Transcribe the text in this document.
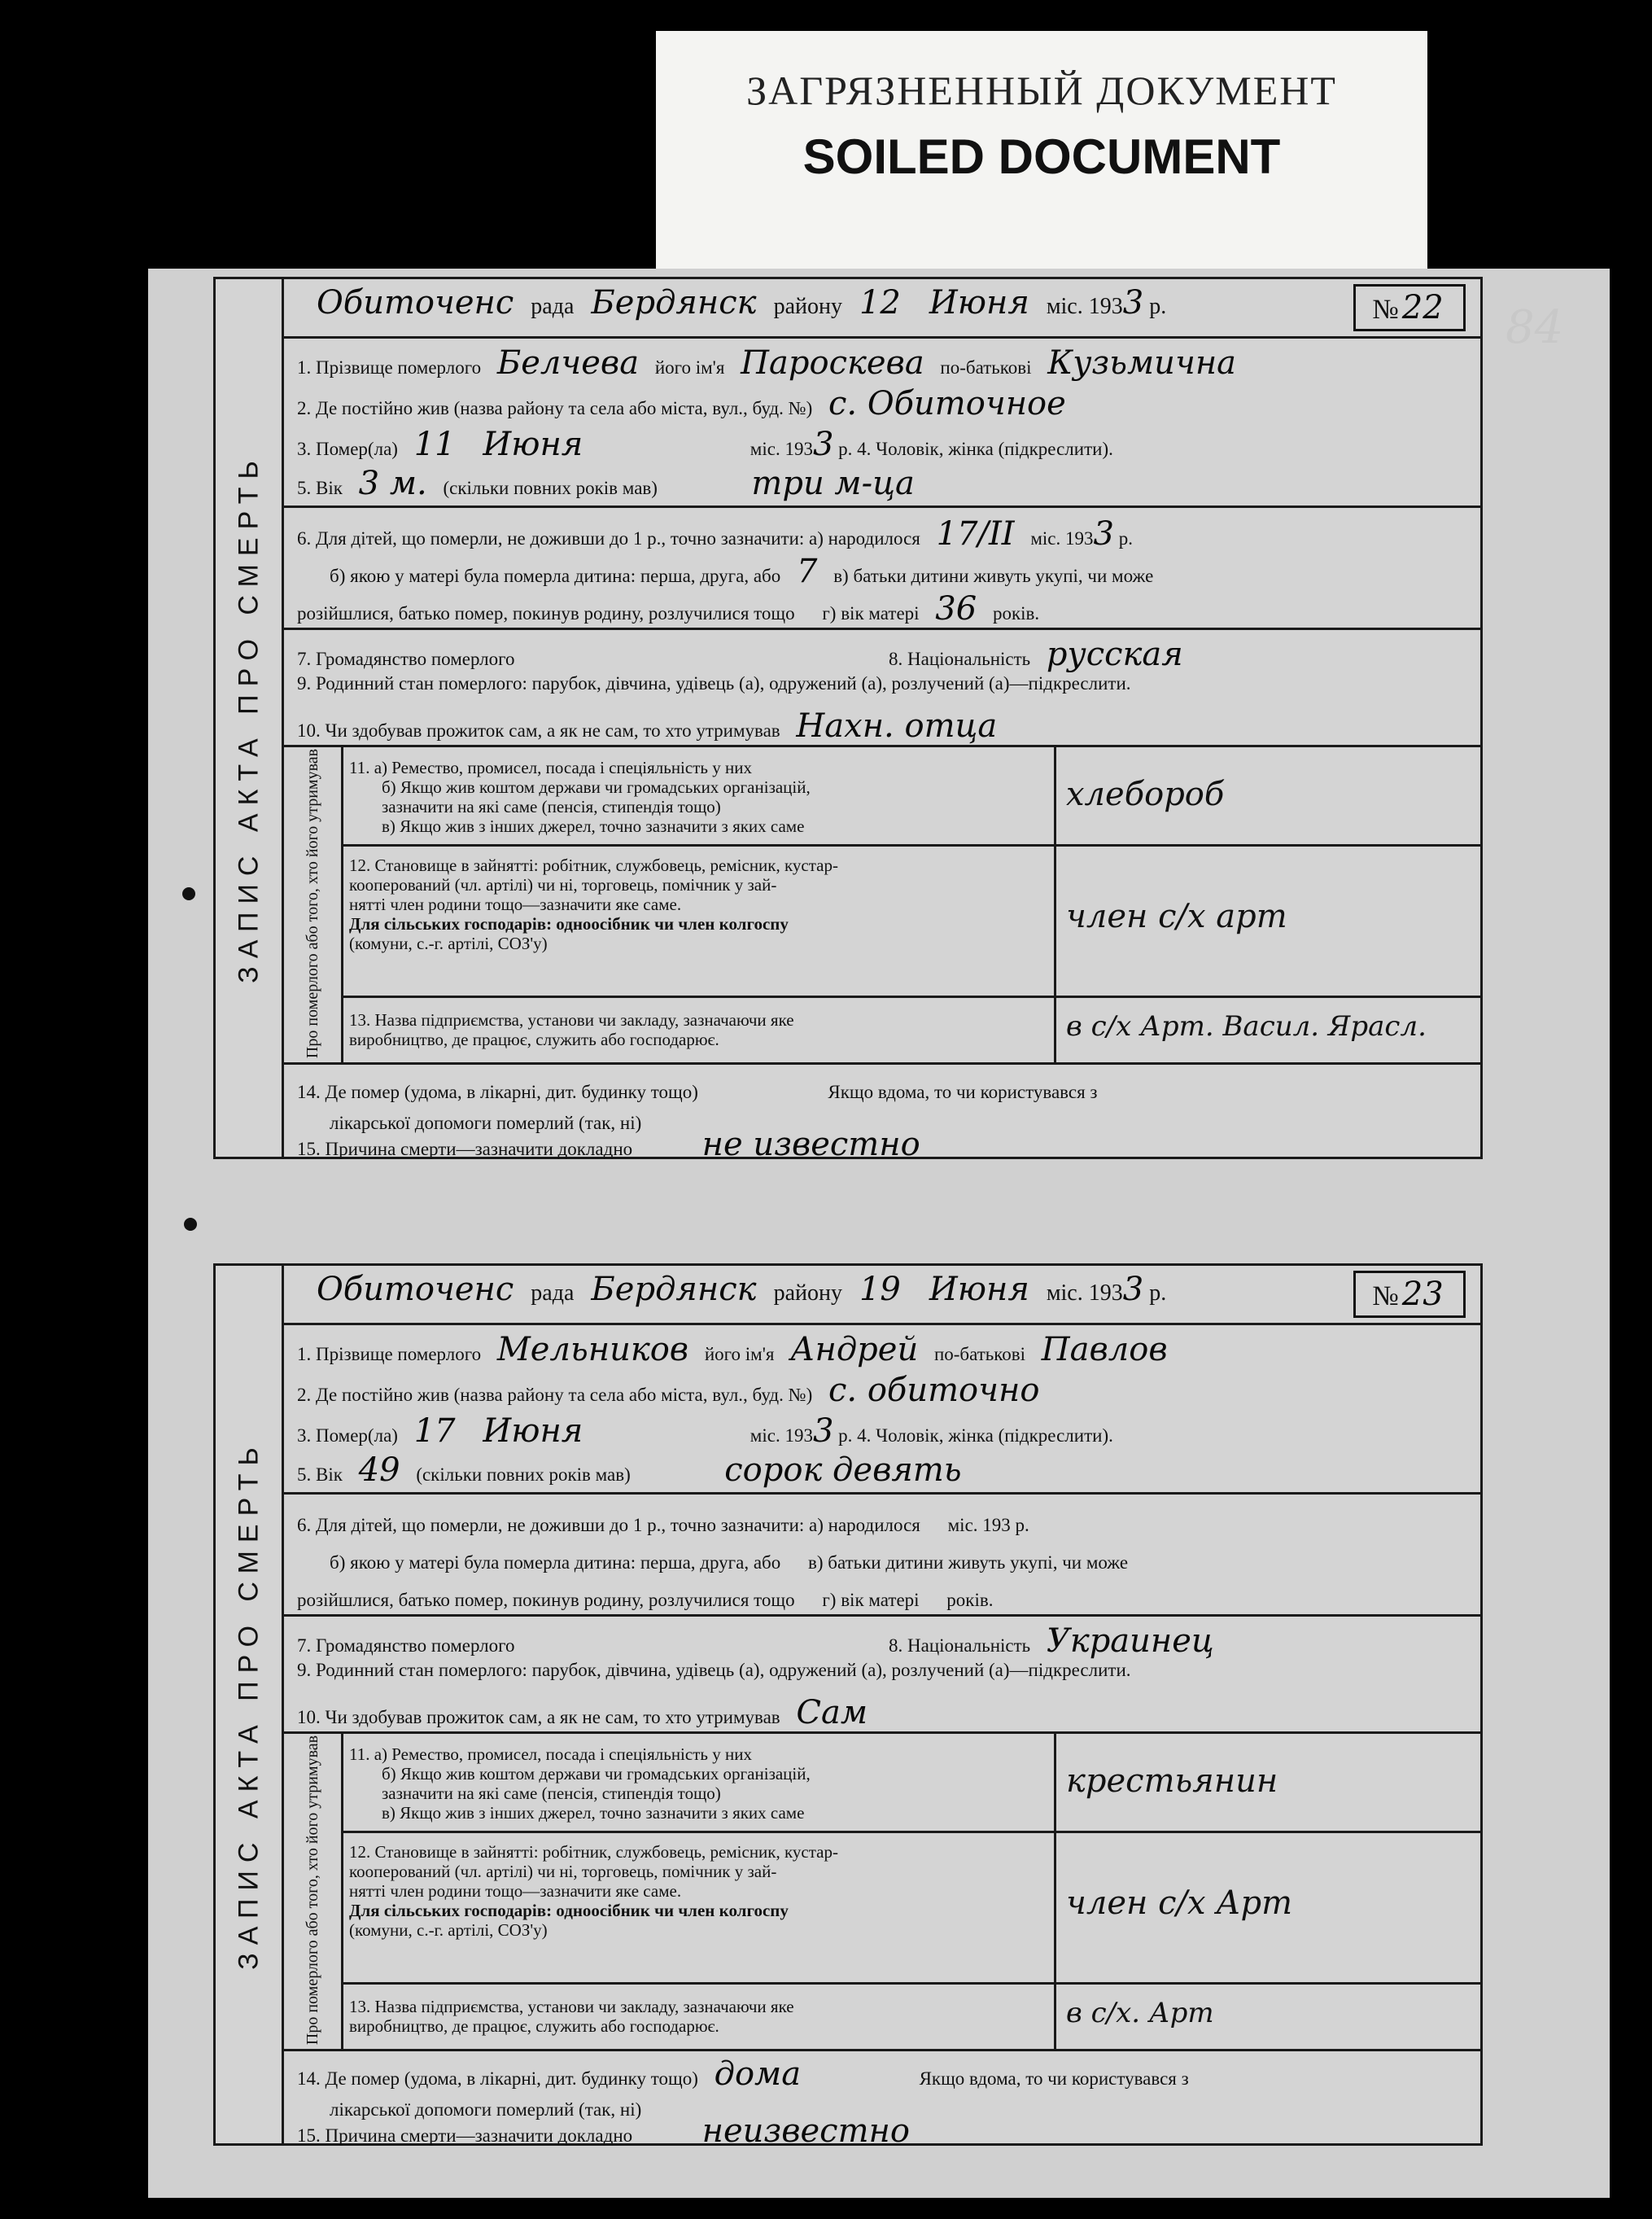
ЗАГРЯЗНЕННЫЙ ДОКУМЕНТ
SOILED DOCUMENT
84
ЗАПИС АКТА ПРО СМЕРТЬ
Обиточенс рада Бердянск району 12 Июня міс. 1933 р.	№ 22
1. Прізвище померлого Белчева його ім'я Пароскева по-батькові Кузьмична
2. Де постійно жив (назва району та села або міста, вул., буд. №) с. Обиточное
3. Помер(ла) 11 Июня	міс. 1933 р. 4. Чоловік, жінка (підкреслити).
5. Вік 3 м. (скільки повних років мав)	три м-ца
6. Для дітей, що померли, не доживши до 1 р., точно зазначити: а) народилося 17/II міс. 1933 р.
б) якою у матері була померла дитина: перша, друга, або 7 в) батьки дитини живуть укупі, чи може
розійшлися, батько помер, покинув родину, розлучилися тощо г) вік матері 36 років.
7. Громадянство померлого	8. Національність русская
9. Родинний стан померлого: парубок, дівчина, удівець (а), одружений (а), розлучений (а)—підкреслити.
10. Чи здобував прожиток сам, а як не сам, то хто утримував Нахн. отца
Про померлого або того, хто його утримував 11. а) Ремество, промисел, посада і спеціяльність у них
б) Якщо жив коштом держави чи громадських організацій,
зазначити на які саме (пенсія, стипендія тощо)
в) Якщо жив з інших джерел, точно зазначити з яких саме
хлебороб
12. Становище в зайнятті: робітник, службовець, ремісник, кустар-
кооперований (чл. артілі) чи ні, торговець, помічник у зай-
нятті член родини тощо—зазначити яке саме.
Для сільських господарів: одноосібник чи член колгоспу
(комуни, с.-г. артілі, СОЗ'у)
член с/х арт
13. Назва підприємства, установи чи закладу, зазначаючи яке
виробництво, де працює, служить або господарює.	в с/х Арт. Васил. Ярасл.
14. Де помер (удома, в лікарні, дит. будинку тощо)	Якщо вдома, то чи користувався з
лікарської допомоги померлий (так, ні)
15. Причина смерти—зазначити докладно не известно
ЗАПИС АКТА ПРО СМЕРТЬ
Обиточенс рада Бердянск району 19 Июня міс. 1933 р.	№ 23
1. Прізвище померлого Мельников його ім'я Андрей по-батькові Павлов
2. Де постійно жив (назва району та села або міста, вул., буд. №) с. обиточно
3. Помер(ла) 17 Июня	міс. 1933 р. 4. Чоловік, жінка (підкреслити).
5. Вік 49 (скільки повних років мав)	сорок девять
6. Для дітей, що померли, не доживши до 1 р., точно зазначити: а) народилося міс. 193 р.
б) якою у матері була померла дитина: перша, друга, або в) батьки дитини живуть укупі, чи може
розійшлися, батько помер, покинув родину, розлучилися тощо г) вік матері років.
7. Громадянство померлого	8. Національність Украинец
9. Родинний стан померлого: парубок, дівчина, удівець (а), одружений (а), розлучений (а)—підкреслити.
10. Чи здобував прожиток сам, а як не сам, то хто утримував Сам
Про померлого або того, хто його утримував 11. а) Ремество, промисел, посада і спеціяльність у них
б) Якщо жив коштом держави чи громадських організацій,
зазначити на які саме (пенсія, стипендія тощо)
в) Якщо жив з інших джерел, точно зазначити з яких саме
крестьянин
12. Становище в зайнятті: робітник, службовець, ремісник, кустар-
кооперований (чл. артілі) чи ні, торговець, помічник у зай-
нятті член родини тощо—зазначити яке саме.
Для сільських господарів: одноосібник чи член колгоспу
(комуни, с.-г. артілі, СОЗ'у)
член с/х Арт
13. Назва підприємства, установи чи закладу, зазначаючи яке
виробництво, де працює, служить або господарює.	в с/х. Арт
14. Де помер (удома, в лікарні, дит. будинку тощо) дома	Якщо вдома, то чи користувався з
лікарської допомоги померлий (так, ні)
15. Причина смерти—зазначити докладно неизвестно
